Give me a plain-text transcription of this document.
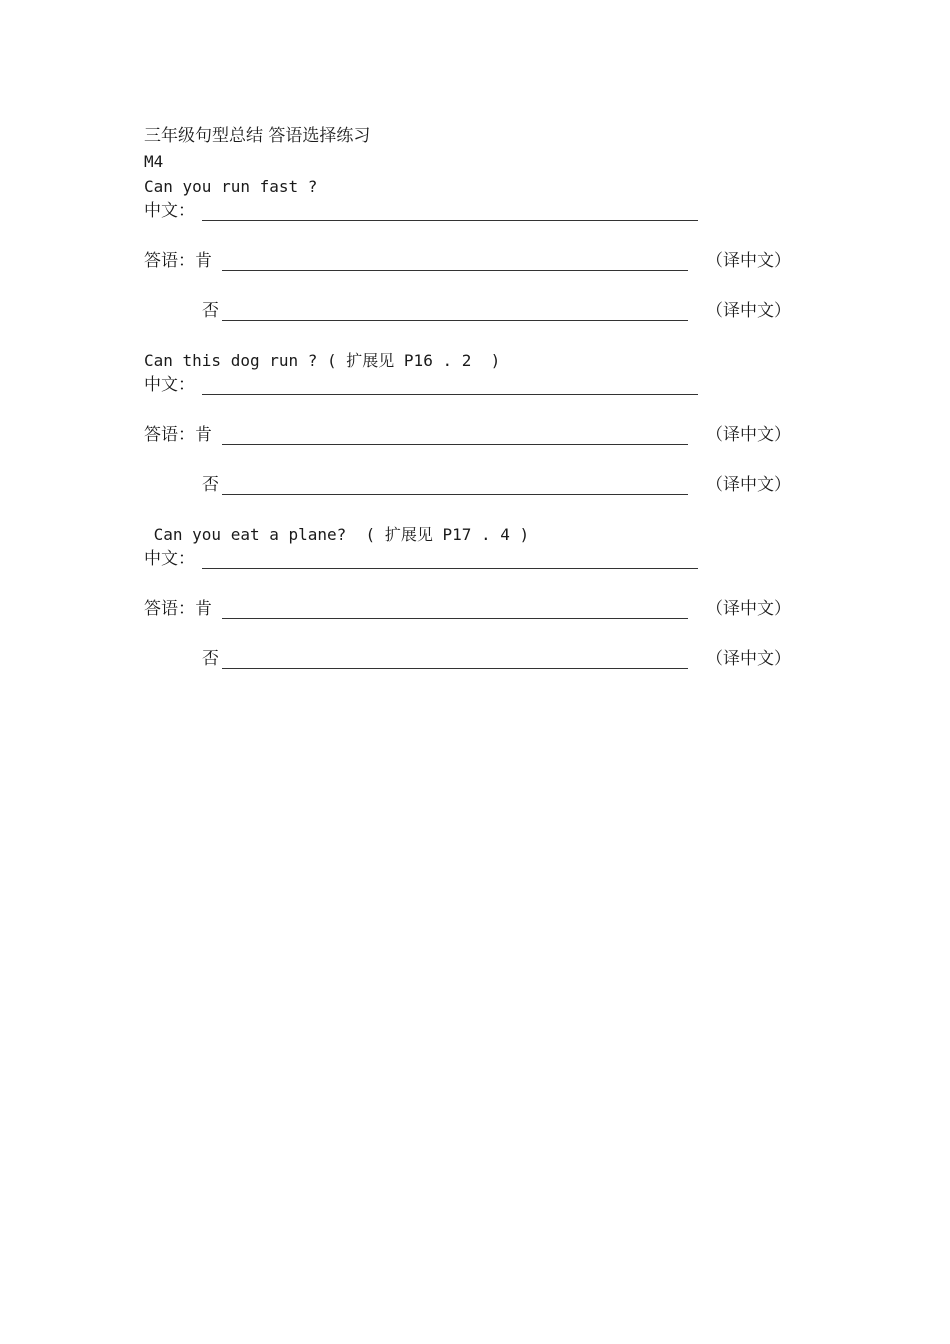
三年级句型总结 答语选择练习
M4
Can you run fast ?
中文：
答语：肯	（译中文）
否	（译中文）
Can this dog run ? ( 扩展见 P16 . 2  )
中文：
答语：肯	（译中文）
否	（译中文）
Can you eat a plane?  ( 扩展见 P17 . 4 )
中文：
答语：肯	（译中文）
否	（译中文）
